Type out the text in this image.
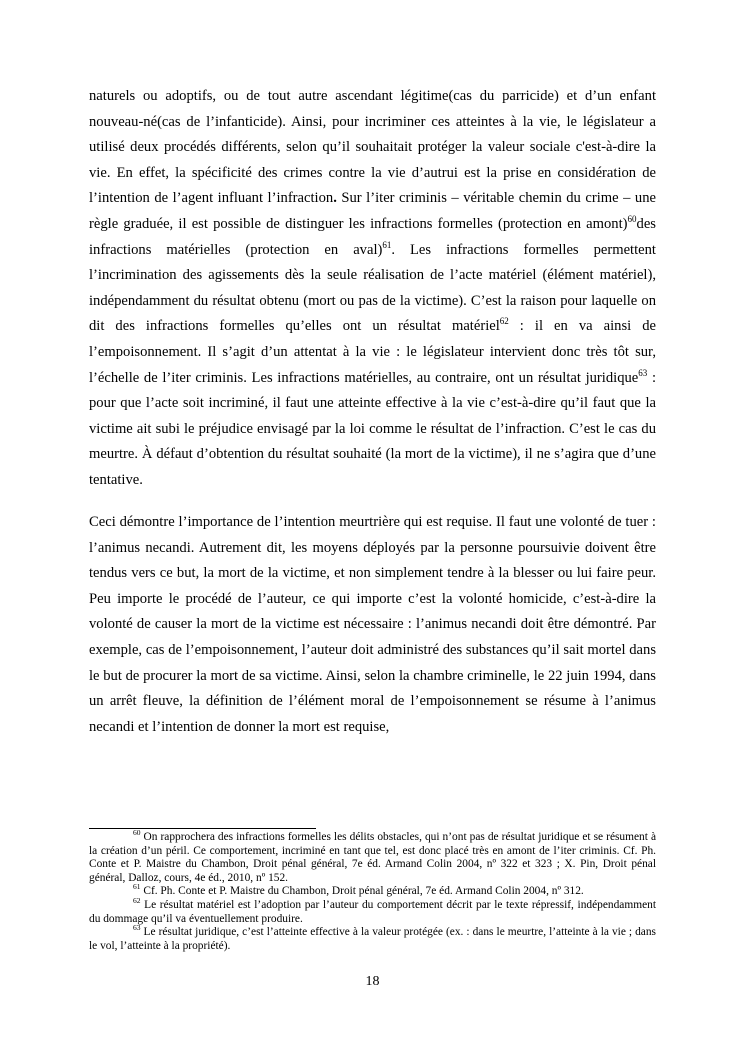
naturels ou adoptifs, ou de tout autre ascendant légitime(cas du parricide) et d’un enfant nouveau-né(cas de l’infanticide). Ainsi, pour incriminer ces atteintes à la vie, le législateur a utilisé deux procédés différents, selon qu’il souhaitait protéger la valeur sociale c'est-à-dire la vie. En effet, la spécificité des crimes contre la vie d’autrui est la prise en considération de l’intention de l’agent influant l’infraction. Sur l’iter criminis – véritable chemin du crime – une règle graduée, il est possible de distinguer les infractions formelles (protection en amont)$^{60}$des infractions matérielles (protection en aval)$^{61}$. Les infractions formelles permettent l’incrimination des agissements dès la seule réalisation de l’acte matériel (élément matériel), indépendamment du résultat obtenu (mort ou pas de la victime). C’est la raison pour laquelle on dit des infractions formelles qu’elles ont un résultat matériel$^{62}$ : il en va ainsi de l’empoisonnement. Il s’agit d’un attentat à la vie : le législateur intervient donc très tôt sur, l’échelle de l’iter criminis. Les infractions matérielles, au contraire, ont un résultat juridique$^{63}$ : pour que l’acte soit incriminé, il faut une atteinte effective à la vie c’est-à-dire qu’il faut que la victime ait subi le préjudice envisagé par la loi comme le résultat de l’infraction. C’est le cas du meurtre. À défaut d’obtention du résultat souhaité (la mort de la victime), il ne s’agira que d’une tentative.

Ceci démontre l’importance de l’intention meurtrière qui est requise. Il faut une volonté de tuer : l’animus necandi. Autrement dit, les moyens déployés par la personne poursuivie doivent être tendus vers ce but, la mort de la victime, et non simplement tendre à la blesser ou lui faire peur. Peu importe le procédé de l’auteur, ce qui importe c’est la volonté homicide, c’est-à-dire la volonté de causer la mort de la victime est nécessaire : l’animus necandi doit être démontré. Par exemple, cas de l’empoisonnement, l’auteur doit administré des substances qu’il sait mortel dans le but de procurer la mort de sa victime. Ainsi, selon la chambre criminelle, le 22 juin 1994, dans un arrêt fleuve, la définition de l’élément moral de l’empoisonnement se résume à l’animus necandi et l’intention de donner la mort est requise,

$^{60}$ On rapprochera des infractions formelles les délits obstacles, qui n’ont pas de résultat juridique et se résument à la création d’un péril. Ce comportement, incriminé en tant que tel, est donc placé très en amont de l’iter criminis. Cf. Ph. Conte et P. Maistre du Chambon, Droit pénal général, 7e éd. Armand Colin 2004, nº 322 et 323 ; X. Pin, Droit pénal général, Dalloz, cours, 4e éd., 2010, nº 152.

$^{61}$ Cf. Ph. Conte et P. Maistre du Chambon, Droit pénal général, 7e éd. Armand Colin 2004, nº 312.

$^{62}$ Le résultat matériel est l’adoption par l’auteur du comportement décrit par le texte répressif, indépendamment du dommage qu’il va éventuellement produire.

$^{63}$ Le résultat juridique, c’est l’atteinte effective à la valeur protégée (ex. : dans le meurtre, l’atteinte à la vie ; dans le vol, l’atteinte à la propriété).

18
